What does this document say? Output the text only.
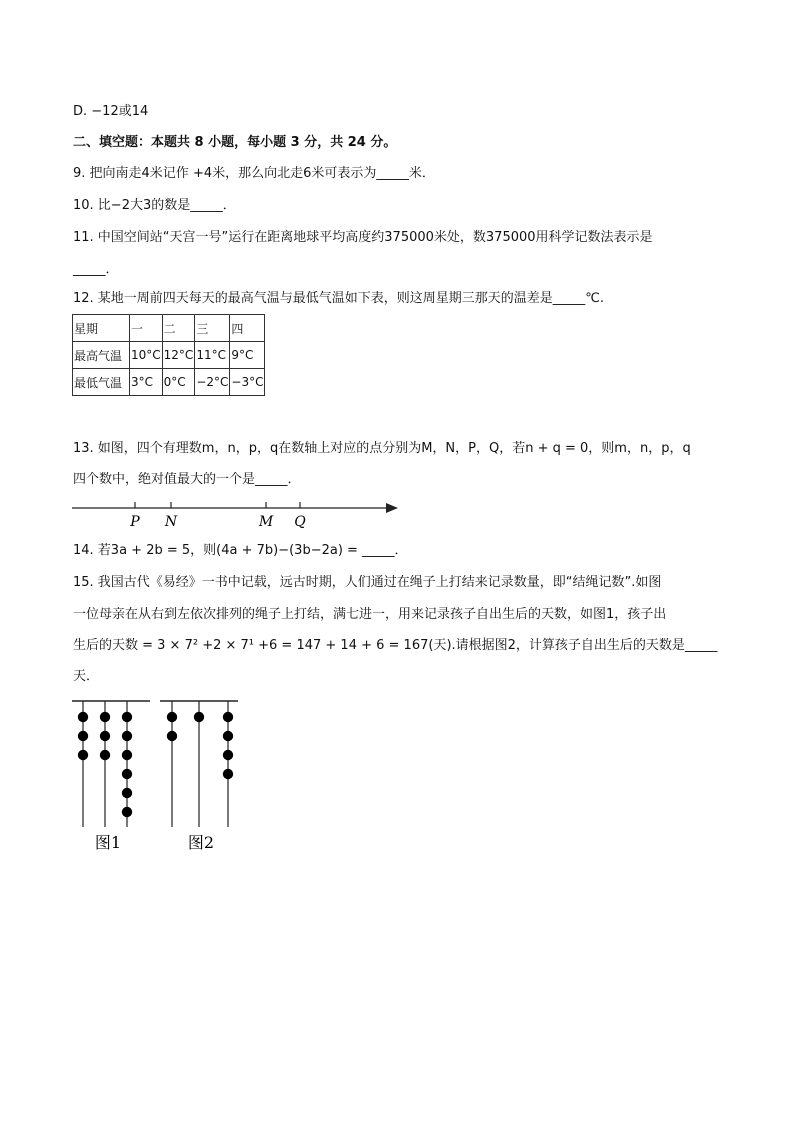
D. −12或14
二、填空题：本题共 8 小题，每小题 3 分，共 24 分。
9. 把向南走4米记作 +4米，那么向北走6米可表示为_____米．
10. 比−2大3的数是_____．
11. 中国空间站“天宫一号”运行在距离地球平均高度约375000米处，数375000用科学记数法表示是
_____．
12. 某地一周前四天每天的最高气温与最低气温如下表，则这周星期三那天的温差是_____℃.
星期	一	二	三	四
最高气温	10°C	12°C	11°C	9°C
最低气温	3°C	0°C	−2°C	−3°C
13. 如图，四个有理数m，n，p，q在数轴上对应的点分别为M，N，P，Q，若n + q = 0，则m，n，p，q
四个数中，绝对值最大的一个是_____．
P N	M Q
14. 若3a + 2b = 5，则(4a + 7b)−(3b−2a) = _____．
15. 我国古代《易经》一书中记载，远古时期，人们通过在绳子上打结来记录数量，即“结绳记数”.如图
一位母亲在从右到左依次排列的绳子上打结，满七进一，用来记录孩子自出生后的天数，如图1，孩子出
生后的天数 = 3 × 7² +2 × 7¹ +6 = 147 + 14 + 6 = 167(天).请根据图2，计算孩子自出生后的天数是_____
天．
图1	图2
